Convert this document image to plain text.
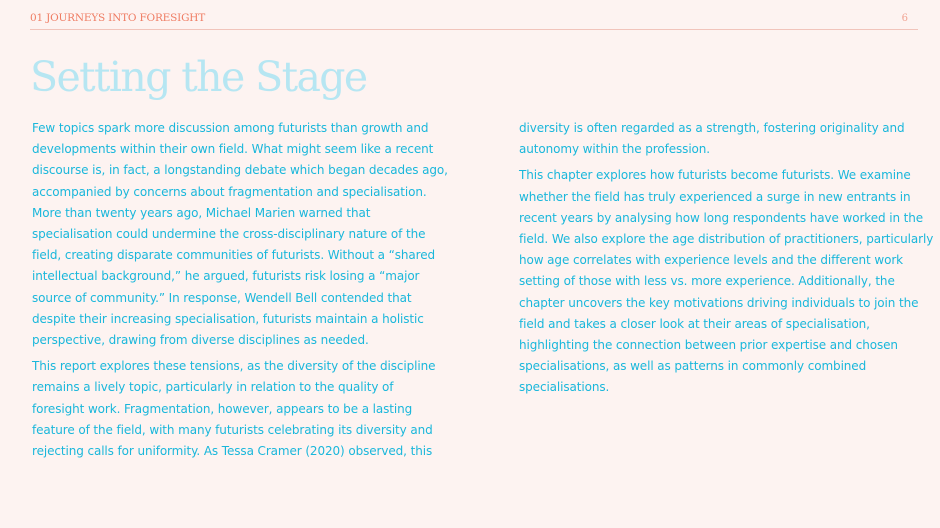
01 JOURNEYS INTO FORESIGHT	6
Setting the Stage

Few topics spark more discussion among futurists than growth and
developments within their own field. What might seem like a recent
discourse is, in fact, a longstanding debate which began decades ago,
accompanied by concerns about fragmentation and specialisation.
More than twenty years ago, Michael Marien warned that
specialisation could undermine the cross-disciplinary nature of the
field, creating disparate communities of futurists. Without a “shared
intellectual background,” he argued, futurists risk losing a “major
source of community.” In response, Wendell Bell contended that
despite their increasing specialisation, futurists maintain a holistic
perspective, drawing from diverse disciplines as needed.

This report explores these tensions, as the diversity of the discipline
remains a lively topic, particularly in relation to the quality of
foresight work. Fragmentation, however, appears to be a lasting
feature of the field, with many futurists celebrating its diversity and
rejecting calls for uniformity. As Tessa Cramer (2020) observed, this

diversity is often regarded as a strength, fostering originality and
autonomy within the profession.

This chapter explores how futurists become futurists. We examine
whether the field has truly experienced a surge in new entrants in
recent years by analysing how long respondents have worked in the
field. We also explore the age distribution of practitioners, particularly
how age correlates with experience levels and the different work
setting of those with less vs. more experience. Additionally, the
chapter uncovers the key motivations driving individuals to join the
field and takes a closer look at their areas of specialisation,
highlighting the connection between prior expertise and chosen
specialisations, as well as patterns in commonly combined
specialisations.
